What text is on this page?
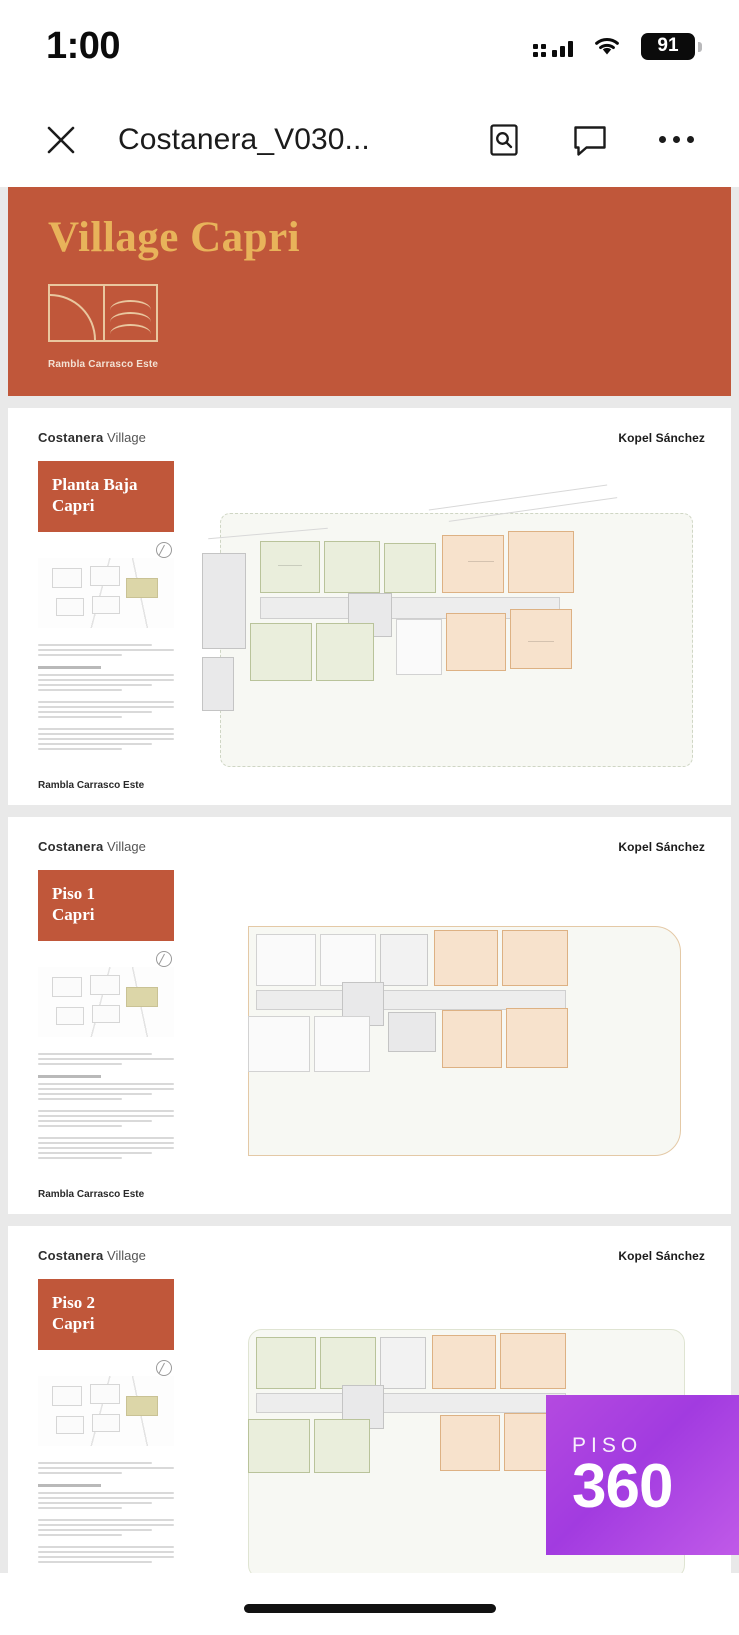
1:00	91
Costanera_V030...
Village Capri
Rambla Carrasco Este
Costanera Village	Kopel Sánchez
Planta Baja
Capri
Rambla Carrasco Este
Costanera Village	Kopel Sánchez
Piso 1
Capri
Rambla Carrasco Este
Costanera Village	Kopel Sánchez
Piso 2
Capri
PISO
360
